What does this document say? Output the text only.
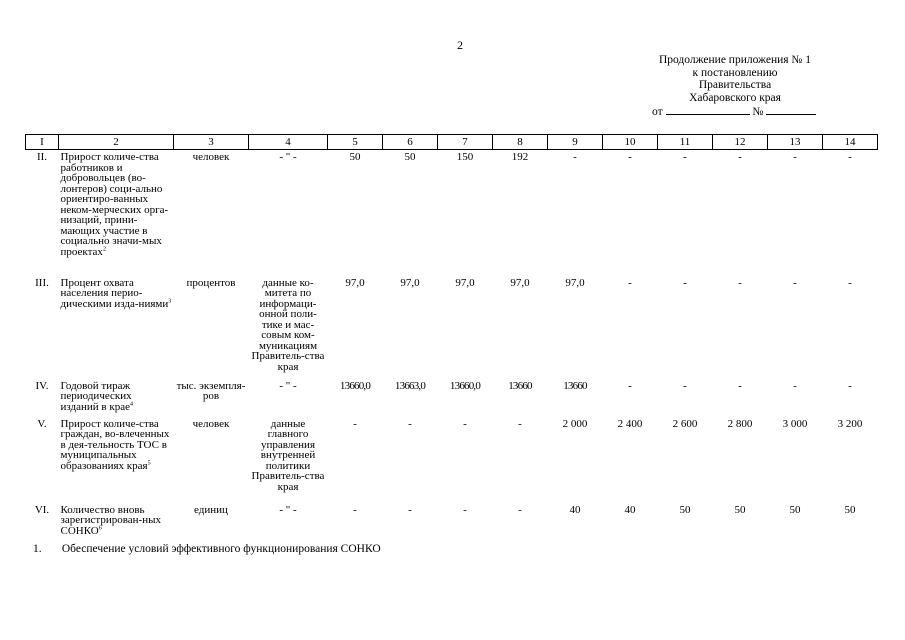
2
Продолжение приложения № 1
к постановлению
Правительства
Хабаровского края
от	№
I	2	3	4	5	6	7	8	9	10	11	12	13	14
II.	Прирост количе-ства работников и добровольцев (во-лонтеров) соци-ально ориентиро-ванных неком-мерческих орга-низаций, прини-мающих участие в социально значи-мых проектах$^2$	человек	- " -	50	50	150	192	-	-	-	-	-	-
III.	Процент охвата населения перио-дическими изда-ниями$^3$	процентов	данные ко-митета по информаци-онной поли-тике и мас-совым ком-муникациям Правитель-ства края	97,0	97,0	97,0	97,0	97,0	-	-	-	-	-
IV.	Годовой тираж периодических изданий в крае$^4$	тыс. экземпля-ров	- " -	13660,0	13663,0	13660,0	13660	13660	-	-	-	-	-
V.	Прирост количе-ства граждан, во-влеченных в дея-тельность ТОС в муниципальных образованиях края$^5$	человек	данные главного управления внутренней политики Правитель-ства края	-	-	-	-	2 000	2 400	2 600	2 800	3 000	3 200
VI.	Количество вновь зарегистрирован-ных СОНКО$^6$	единиц	- " -	-	-	-	-	40	40	50	50	50	50
1. Обеспечение условий эффективного функционирования СОНКО
